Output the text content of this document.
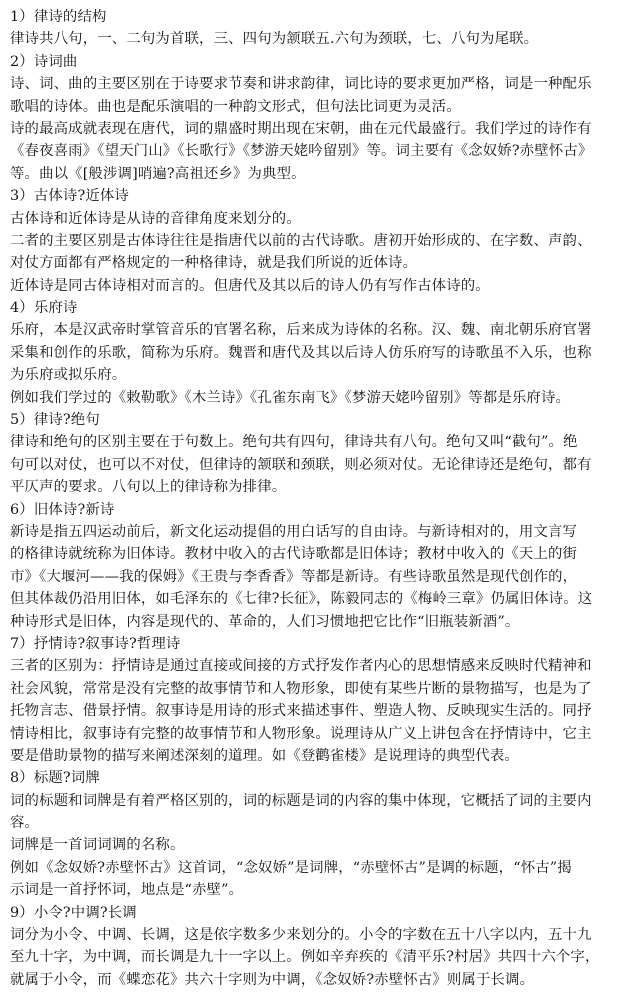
1）律诗的结构
律诗共八句，一、二句为首联，三、四句为颔联五.六句为颈联，七、八句为尾联。
2）诗词曲
诗、词、曲的主要区别在于诗要求节奏和讲求韵律，词比诗的要求更加严格，词是一种配乐
歌唱的诗体。曲也是配乐演唱的一种韵文形式，但句法比词更为灵活。
诗的最高成就表现在唐代，词的鼎盛时期出现在宋朝，曲在元代最盛行。我们学过的诗作有
《春夜喜雨》《望天门山》《长歌行》《梦游天姥吟留别》等。词主要有《念奴娇?赤壁怀古》
等。曲以《[般涉调]哨遍?高祖还乡》为典型。
3）古体诗?近体诗
古体诗和近体诗是从诗的音律角度来划分的。
二者的主要区别是古体诗往往是指唐代以前的古代诗歌。唐初开始形成的、在字数、声韵、
对仗方面都有严格规定的一种格律诗，就是我们所说的近体诗。
近体诗是同古体诗相对而言的。但唐代及其以后的诗人仍有写作古体诗的。
4）乐府诗
乐府，本是汉武帝时掌管音乐的官署名称，后来成为诗体的名称。汉、魏、南北朝乐府官署
采集和创作的乐歌，简称为乐府。魏晋和唐代及其以后诗人仿乐府写的诗歌虽不入乐，也称
为乐府或拟乐府。
例如我们学过的《敕勒歌》《木兰诗》《孔雀东南飞》《梦游天姥吟留别》等都是乐府诗。
5）律诗?绝句
律诗和绝句的区别主要在于句数上。绝句共有四句，律诗共有八句。绝句又叫“截句”。绝
句可以对仗，也可以不对仗，但律诗的颔联和颈联，则必须对仗。无论律诗还是绝句，都有
平仄声的要求。八句以上的律诗称为排律。
6）旧体诗?新诗
新诗是指五四运动前后，新文化运动提倡的用白话写的自由诗。与新诗相对的，用文言写
的格律诗就统称为旧体诗。教材中收入的古代诗歌都是旧体诗；教材中收入的《天上的街
市》《大堰河——我的保姆》《王贵与李香香》等都是新诗。有些诗歌虽然是现代创作的，
但其体裁仍沿用旧体，如毛泽东的《七律?长征》，陈毅同志的《梅岭三章》仍属旧体诗。这
种诗形式是旧体，内容是现代的、革命的，人们习惯地把它比作“旧瓶装新酒”。
7）抒情诗?叙事诗?哲理诗
三者的区别为：抒情诗是通过直接或间接的方式抒发作者内心的思想情感来反映时代精神和
社会风貌，常常是没有完整的故事情节和人物形象，即使有某些片断的景物描写，也是为了
托物言志、借景抒情。叙事诗是用诗的形式来描述事件、塑造人物、反映现实生活的。同抒
情诗相比，叙事诗有完整的故事情节和人物形象。说理诗从广义上讲包含在抒情诗中，它主
要是借助景物的描写来阐述深刻的道理。如《登鹳雀楼》是说理诗的典型代表。
8）标题?词牌
词的标题和词牌是有着严格区别的，词的标题是词的内容的集中体现，它概括了词的主要内
容。
词牌是一首词词调的名称。
例如《念奴娇?赤壁怀古》这首词，“念奴娇”是词牌，“赤壁怀古”是调的标题，“怀古”揭
示词是一首抒怀词，地点是“赤壁”。
9）小令?中调?长调
词分为小令、中调、长调，这是依字数多少来划分的。小令的字数在五十八字以内，五十九
至九十字，为中调，而长调是九十一字以上。例如辛弃疾的《清平乐?村居》共四十六个字，
就属于小令，而《蝶恋花》共六十字则为中调，《念奴娇?赤壁怀古》则属于长调。
